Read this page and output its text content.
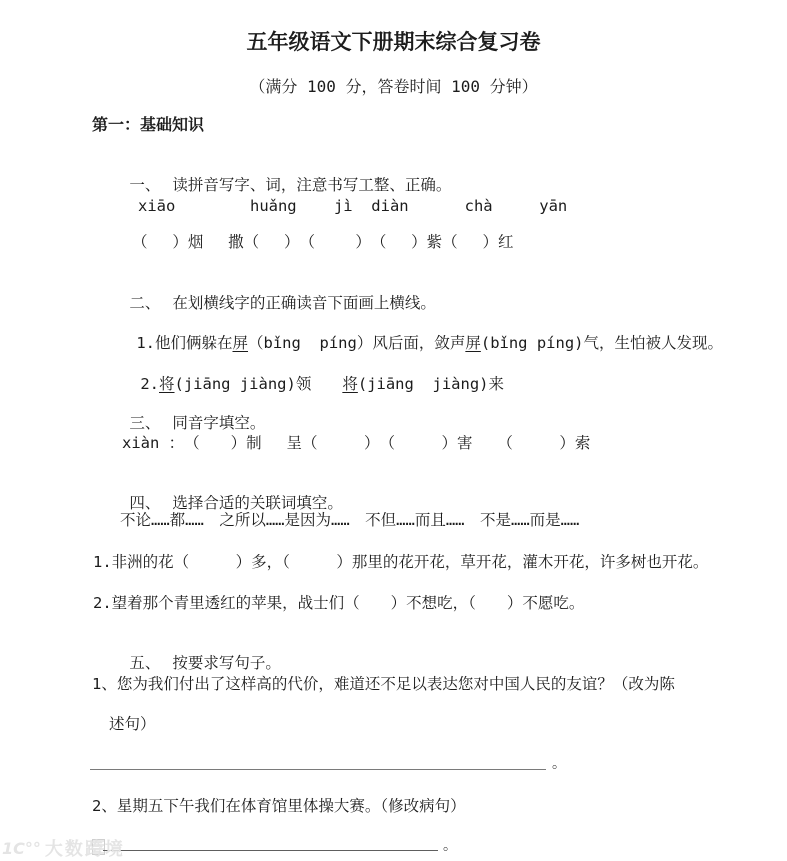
五年级语文下册期末综合复习卷
（满分 100 分，答卷时间 100 分钟）
第一：基础知识

一、 读拼音写字、词，注意书写工整、正确。

xiāo        huǎng    jì  diàn      chà     yān
（　 ）烟　 撒（　 ）　（　　 ）　（　 ）紫（　 ）红

二、 在划横线字的正确读音下面画上横线。

1.他们俩躲在屏（bǐng  píng）风后面，敛声屏(bǐng píng)气，生怕被人发现。

2.将(jiāng jiàng)领　　将(jiāng  jiàng)来

三、 同音字填空。

xiàn ：　（　　）制　 呈（　　　）　（　　　）害　 （　　　）索

四、 选择合适的关联词填空。

不论……都……　之所以……是因为……　不但……而且……　不是……而是……
1.非洲的花（　　　）多，（　　　）那里的花开花，草开花，灌木开花，许多树也开花。
2.望着那个青里透红的苹果，战士们（　　）不想吃，（　　）不愿吃。

五、 按要求写句子。

1、您为我们付出了这样高的代价，难道还不足以表达您对中国人民的友谊？（改为陈
述句）
。
2、星期五下午我们在体育馆里体操大赛。（修改病句）
。
1C°° 大数跨境
